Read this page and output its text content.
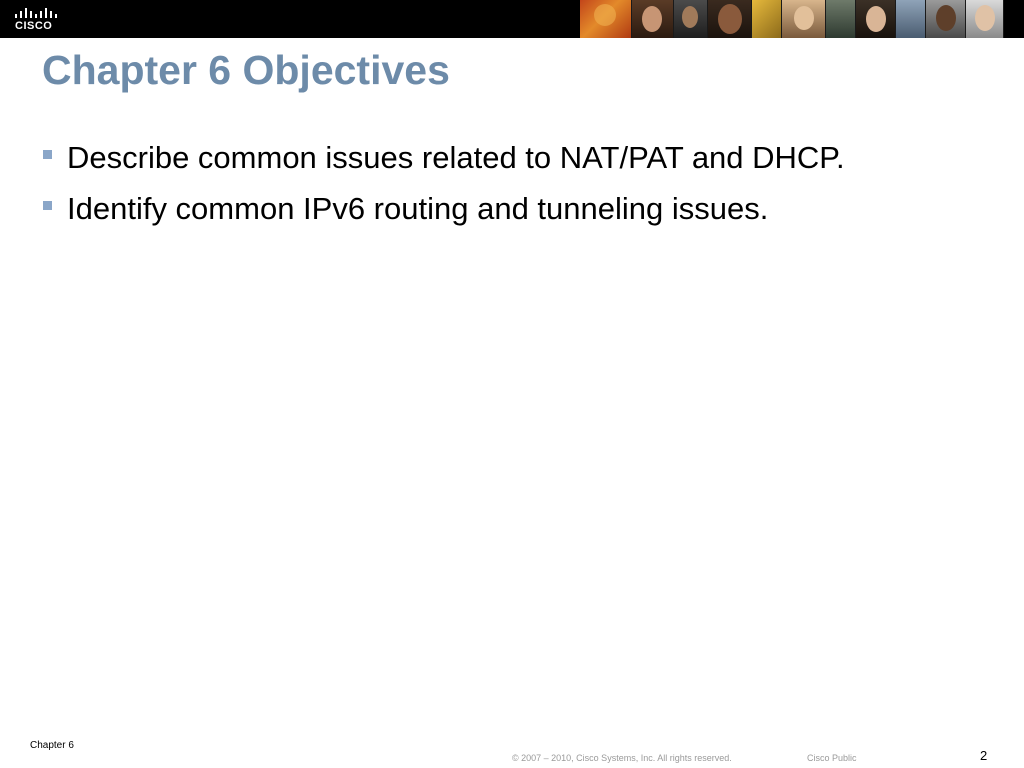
CISCO
Chapter 6 Objectives
Describe common issues related to NAT/PAT and DHCP.
Identify common IPv6 routing and tunneling issues.
Chapter 6
© 2007 – 2010, Cisco Systems, Inc. All rights reserved.	Cisco Public	2
